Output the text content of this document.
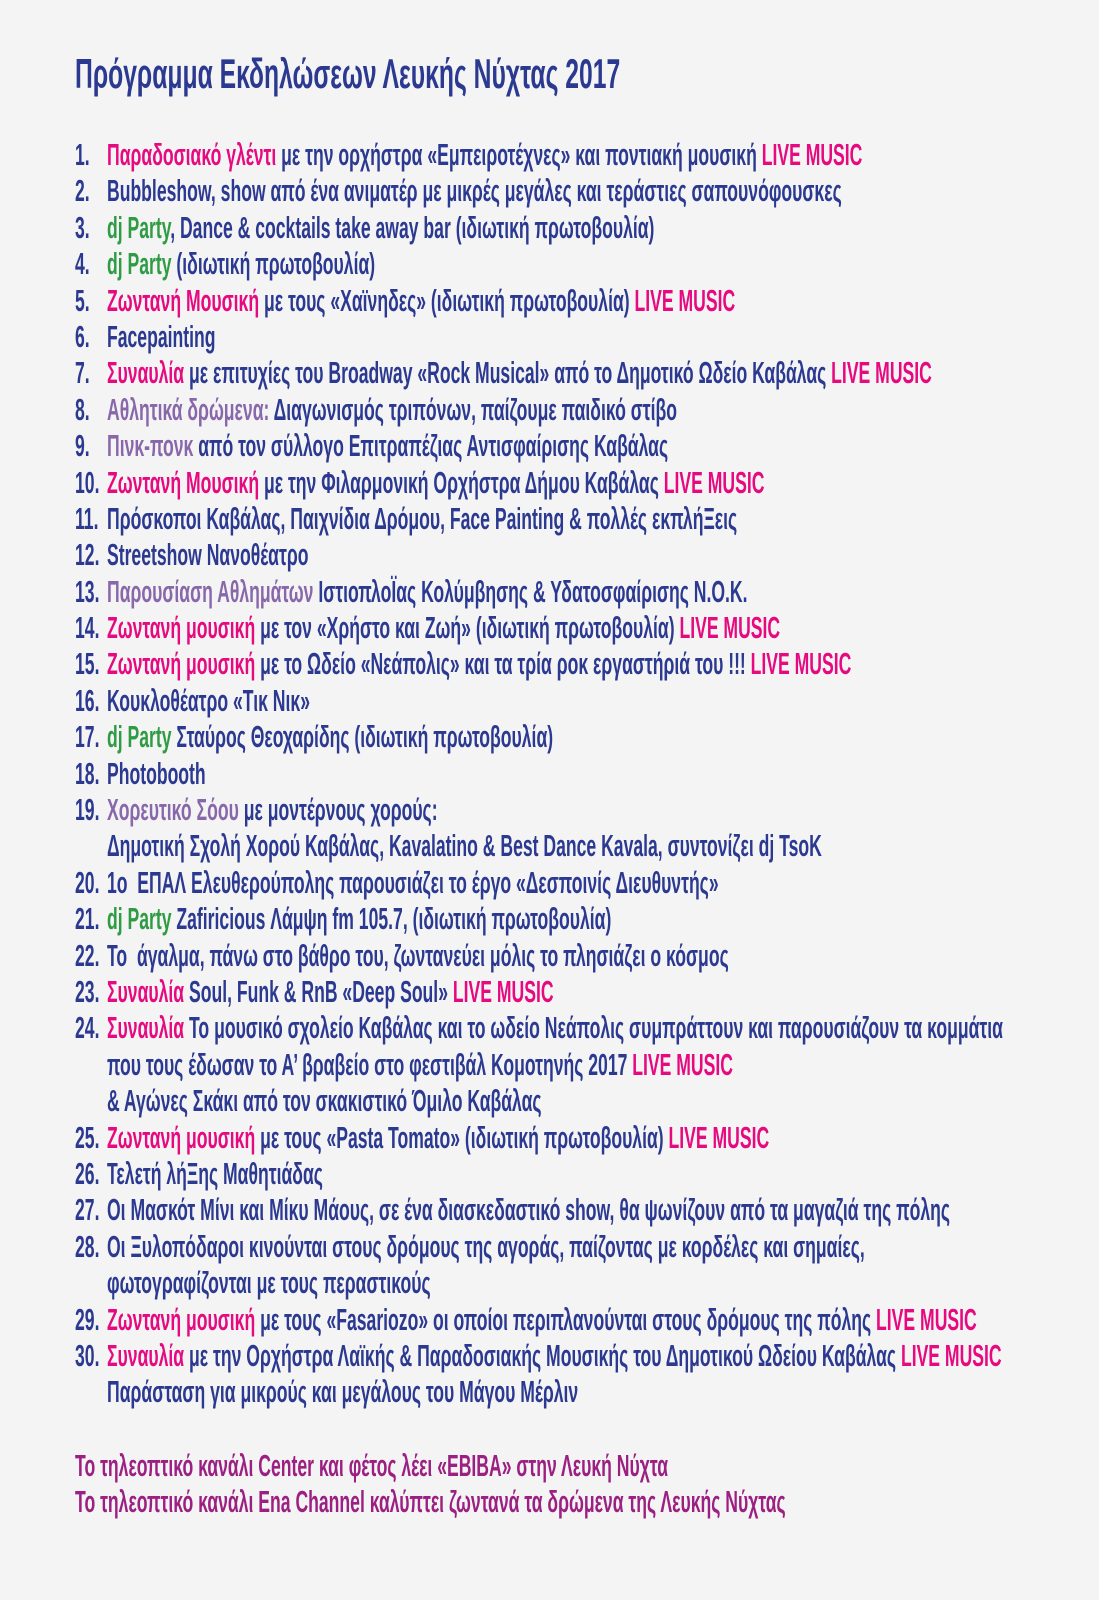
Πρόγραμμα Εκδηλώσεων Λευκής Νύχτας 2017
1. Παραδοσιακό γλέντι με την ορχήστρα «Εμπειροτέχνες» και ποντιακή μουσική LIVE MUSIC
2. Bubbleshow, show από ένα ανιματέρ με μικρές μεγάλες και τεράστιες σαπουνόφουσκες
3. dj Party, Dance & cocktails take away bar (ιδιωτική πρωτοβουλία)
4. dj Party (ιδιωτική πρωτοβουλία)
5. Ζωντανή Μουσική με τους «Χαϊνηδες» (ιδιωτική πρωτοβουλία) LIVE MUSIC
6. Facepainting
7. Συναυλία με επιτυχίες του Broadway «Rock Musical» από το Δημοτικό Ωδείο Καβάλας LIVE MUSIC
8. Αθλητικά δρώμενα: Διαγωνισμός τριπόνων, παίζουμε παιδικό στίβο
9. Πινκ-πονκ από τον σύλλογο Επιτραπέζιας Αντισφαίρισης Καβάλας
10. Ζωντανή Μουσική με την Φιλαρμονική Ορχήστρα Δήμου Καβάλας LIVE MUSIC
11. Πρόσκοποι Καβάλας, Παιχνίδια Δρόμου, Face Painting & πολλές εκπλήΞεις
12. Streetshow Νανοθέατρο
13. Παρουσίαση Αθλημάτων ΙστιοπλοΪας Κολύμβησης & Υδατοσφαίρισης Ν.Ο.Κ.
14. Ζωντανή μουσική με τον «Χρήστο και Ζωή» (ιδιωτική πρωτοβουλία) LIVE MUSIC
15. Ζωντανή μουσική με το Ωδείο «Νεάπολις» και τα τρία ροκ εργαστήριά του !!! LIVE MUSIC
16. Κουκλοθέατρο «Τικ Νικ»
17. dj Party Σταύρος Θεοχαρίδης (ιδιωτική πρωτοβουλία)
18. Photobooth
19. Χορευτικό Σόου με μοντέρνους χορούς:
Δημοτική Σχολή Χορού Καβάλας, Kavalatino & Best Dance Kavala, συντονίζει dj TsoK
20. 1ο  ΕΠΑΛ Ελευθερούπολης παρουσιάζει το έργο «Δεσποινίς Διευθυντής»
21. dj Party Zafiricious Λάμψη fm 105.7, (ιδιωτική πρωτοβουλία)
22. Το  άγαλμα, πάνω στο βάθρο του, ζωντανεύει μόλις το πλησιάζει ο κόσμος
23. Συναυλία Soul, Funk & RnB «Deep Soul» LIVE MUSIC
24. Συναυλία Το μουσικό σχολείο Καβάλας και το ωδείο Νεάπολις συμπράττουν και παρουσιάζουν τα κομμάτια
που τους έδωσαν το Α’ βραβείο στο φεστιβάλ Κομοτηνής 2017 LIVE MUSIC
& Αγώνες Σκάκι από τον σκακιστικό Όμιλο Καβάλας
25. Ζωντανή μουσική με τους «Pasta Tomato» (ιδιωτική πρωτοβουλία) LIVE MUSIC
26. Τελετή λήΞης Μαθητιάδας
27. Οι Μασκότ Μίνι και Μίκυ Μάους, σε ένα διασκεδαστικό show, θα ψωνίζουν από τα μαγαζιά της πόλης
28. Οι Ξυλοπόδαροι κινούνται στους δρόμους της αγοράς, παίζοντας με κορδέλες και σημαίες,
φωτογραφίζονται με τους περαστικούς
29. Ζωντανή μουσική με τους «Fasariozo» οι οποίοι περιπλανούνται στους δρόμους της πόλης LIVE MUSIC
30. Συναυλία με την Ορχήστρα Λαϊκής & Παραδοσιακής Μουσικής του Δημοτικού Ωδείου Καβάλας LIVE MUSIC
Παράσταση για μικρούς και μεγάλους του Μάγου Μέρλιν
Το τηλεοπτικό κανάλι Center και φέτος λέει «ΕΒΙΒΑ» στην Λευκή Νύχτα
Το τηλεοπτικό κανάλι Ena Channel καλύπτει ζωντανά τα δρώμενα της Λευκής Νύχτας
